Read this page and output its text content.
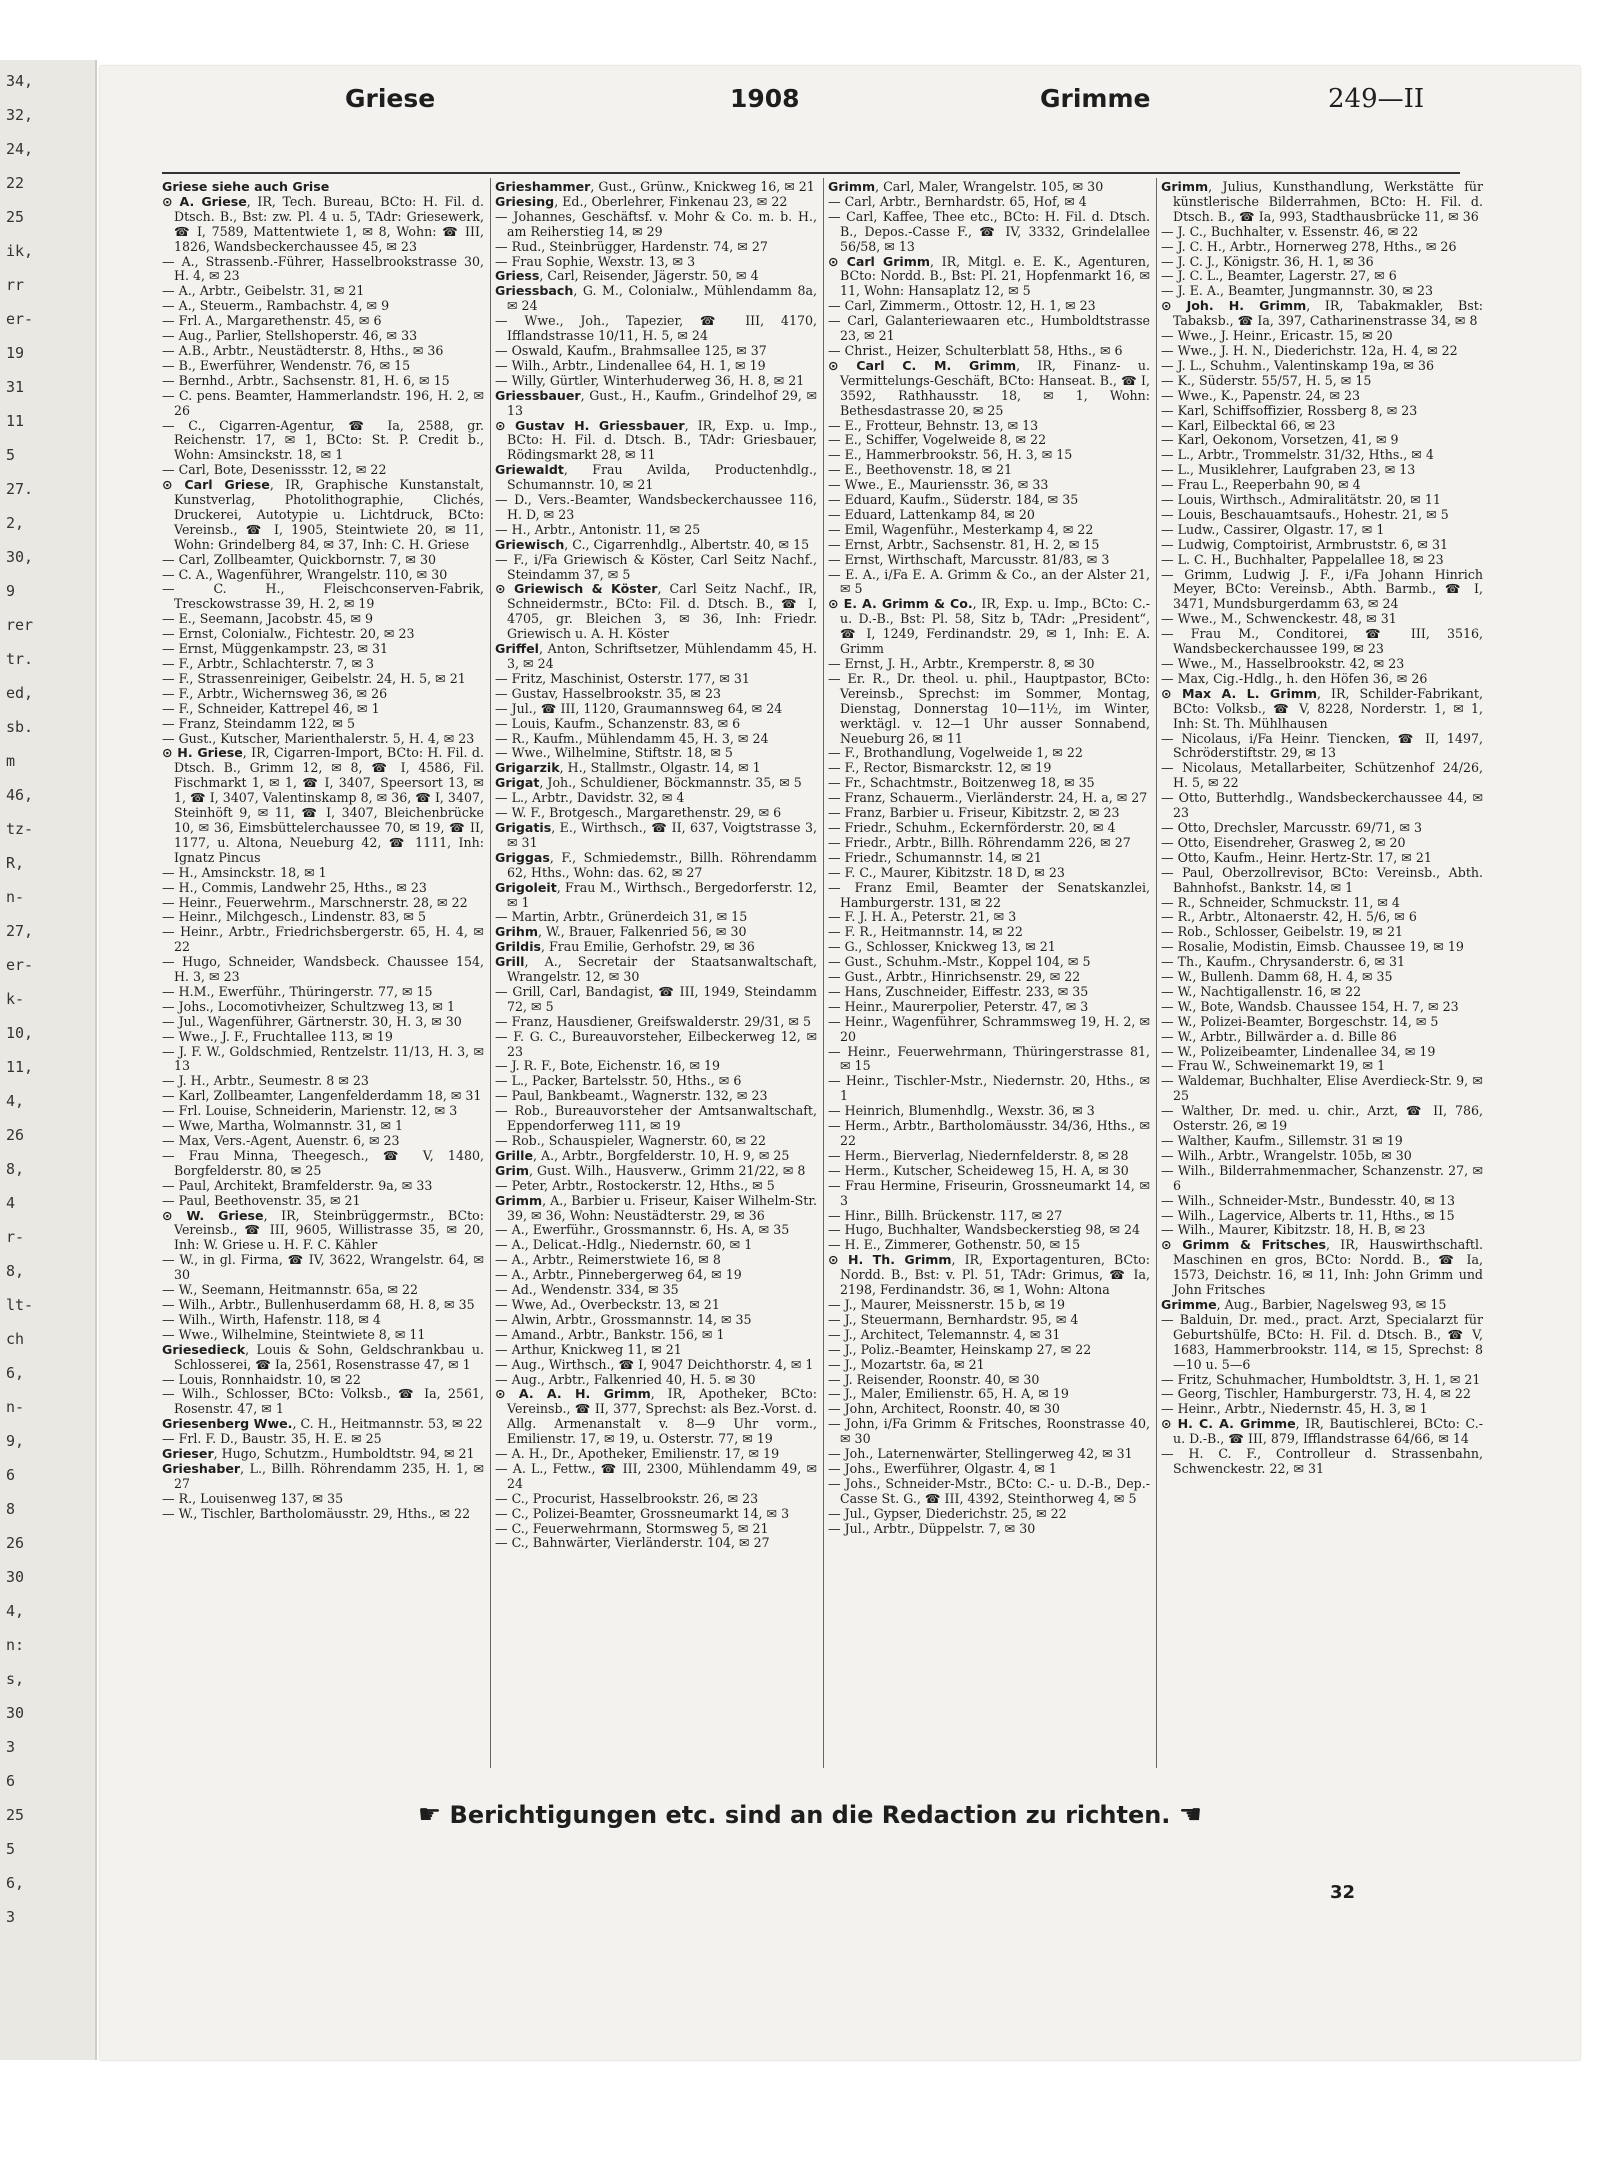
34,
32,
24,
22
25
ik,
rr
er-
19
31
11
5
27.
2,
30,
9
rer
tr.
ed,
sb.
m
46,
tz-
R,
n-
27,
er-
k-
10,
11,
4,
26
8,
4
r-
8,
lt-
ch
6,
n-
9,
6
8
26
30
4,
n:
s,
30
3
6
25
5
6,
3
Griese	1908	Grimme	249—II

Griese siehe auch Grise

⊙ A. Griese, IR, Tech. Bureau, BCto: H. Fil. d. Dtsch. B., Bst: zw. Pl. 4 u. 5, TAdr: Griesewerk, ☎ I, 7589, Mattentwiete 1, ✉ 8, Wohn: ☎ III, 1826, Wandsbeckerchaussee 45, ✉ 23

— A., Strassenb.-Führer, Hasselbrookstrasse 30, H. 4, ✉ 23

— A., Arbtr., Geibelstr. 31, ✉ 21

— A., Steuerm., Rambachstr. 4, ✉ 9

— Frl. A., Margarethenstr. 45, ✉ 6

— Aug., Parlier, Stellshoperstr. 46, ✉ 33

— A.B., Arbtr., Neustädterstr. 8, Hths., ✉ 36

— B., Ewerführer, Wendenstr. 76, ✉ 15

— Bernhd., Arbtr., Sachsenstr. 81, H. 6, ✉ 15

— C. pens. Beamter, Hammerlandstr. 196, H. 2, ✉ 26

— C., Cigarren-Agentur, ☎ Ia, 2588, gr. Reichenstr. 17, ✉ 1, BCto: St. P. Credit b., Wohn: Amsinckstr. 18, ✉ 1

— Carl, Bote, Desenissstr. 12, ✉ 22

⊙ Carl Griese, IR, Graphische Kunstanstalt, Kunstverlag, Photolithographie, Clichés, Druckerei, Autotypie u. Lichtdruck, BCto: Vereinsb., ☎ I, 1905, Steintwiete 20, ✉ 11, Wohn: Grindelberg 84, ✉ 37, Inh: C. H. Griese

— Carl, Zollbeamter, Quickbornstr. 7, ✉ 30

— C. A., Wagenführer, Wrangelstr. 110, ✉ 30

— C. H., Fleischconserven-Fabrik, Tresckowstrasse 39, H. 2, ✉ 19

— E., Seemann, Jacobstr. 45, ✉ 9

— Ernst, Colonialw., Fichtestr. 20, ✉ 23

— Ernst, Müggenkampstr. 23, ✉ 31

— F., Arbtr., Schlachterstr. 7, ✉ 3

— F., Strassenreiniger, Geibelstr. 24, H. 5, ✉ 21

— F., Arbtr., Wichernsweg 36, ✉ 26

— F., Schneider, Kattrepel 46, ✉ 1

— Franz, Steindamm 122, ✉ 5

— Gust., Kutscher, Marienthalerstr. 5, H. 4, ✉ 23

⊙ H. Griese, IR, Cigarren-Import, BCto: H. Fil. d. Dtsch. B., Grimm 12, ✉ 8, ☎ I, 4586, Fil. Fischmarkt 1, ✉ 1, ☎ I, 3407, Speersort 13, ✉ 1, ☎ I, 3407, Valentinskamp 8, ✉ 36, ☎ I, 3407, Steinhöft 9, ✉ 11, ☎ I, 3407, Bleichenbrücke 10, ✉ 36, Eimsbüttelerchaussee 70, ✉ 19, ☎ II, 1177, u. Altona, Neueburg 42, ☎ 1111, Inh: Ignatz Pincus

— H., Amsinckstr. 18, ✉ 1

— H., Commis, Landwehr 25, Hths., ✉ 23

— Heinr., Feuerwehrm., Marschnerstr. 28, ✉ 22

— Heinr., Milchgesch., Lindenstr. 83, ✉ 5

— Heinr., Arbtr., Friedrichsbergerstr. 65, H. 4, ✉ 22

— Hugo, Schneider, Wandsbeck. Chaussee 154, H. 3, ✉ 23

— H.M., Ewerführ., Thüringerstr. 77, ✉ 15

— Johs., Locomotivheizer, Schultzweg 13, ✉ 1

— Jul., Wagenführer, Gärtnerstr. 30, H. 3, ✉ 30

— Wwe., J. F., Fruchtallee 113, ✉ 19

— J. F. W., Goldschmied, Rentzelstr. 11/13, H. 3, ✉ 13

— J. H., Arbtr., Seumestr. 8 ✉ 23

— Karl, Zollbeamter, Langenfelderdamm 18, ✉ 31

— Frl. Louise, Schneiderin, Marienstr. 12, ✉ 3

— Wwe, Martha, Wolmannstr. 31, ✉ 1

— Max, Vers.-Agent, Auenstr. 6, ✉ 23

— Frau Minna, Theegesch., ☎ V, 1480, Borgfelderstr. 80, ✉ 25

— Paul, Architekt, Bramfelderstr. 9a, ✉ 33

— Paul, Beethovenstr. 35, ✉ 21

⊙ W. Griese, IR, Steinbrüggermstr., BCto: Vereinsb., ☎ III, 9605, Willistrasse 35, ✉ 20, Inh: W. Griese u. H. F. C. Kähler

— W., in gl. Firma, ☎ IV, 3622, Wrangelstr. 64, ✉ 30

— W., Seemann, Heitmannstr. 65a, ✉ 22

— Wilh., Arbtr., Bullenhuserdamm 68, H. 8, ✉ 35

— Wilh., Wirth, Hafenstr. 118, ✉ 4

— Wwe., Wilhelmine, Steintwiete 8, ✉ 11

Griesedieck, Louis & Sohn, Geldschrankbau u. Schlosserei, ☎ Ia, 2561, Rosenstrasse 47, ✉ 1

— Louis, Ronnhaidstr. 10, ✉ 22

— Wilh., Schlosser, BCto: Volksb., ☎ Ia, 2561, Rosenstr. 47, ✉ 1

Griesenberg Wwe., C. H., Heitmannstr. 53, ✉ 22

— Frl. F. D., Baustr. 35, H. E. ✉ 25

Grieser, Hugo, Schutzm., Humboldtstr. 94, ✉ 21

Grieshaber, L., Billh. Röhrendamm 235, H. 1, ✉ 27

— R., Louisenweg 137, ✉ 35

— W., Tischler, Bartholomäusstr. 29, Hths., ✉ 22

Grieshammer, Gust., Grünw., Knickweg 16, ✉ 21

Griesing, Ed., Oberlehrer, Finkenau 23, ✉ 22

— Johannes, Geschäftsf. v. Mohr & Co. m. b. H., am Reiherstieg 14, ✉ 29

— Rud., Steinbrügger, Hardenstr. 74, ✉ 27

— Frau Sophie, Wexstr. 13, ✉ 3

Griess, Carl, Reisender, Jägerstr. 50, ✉ 4

Griessbach, G. M., Colonialw., Mühlendamm 8a, ✉ 24

— Wwe., Joh., Tapezier, ☎ III, 4170, Ifflandstrasse 10/11, H. 5, ✉ 24

— Oswald, Kaufm., Brahmsallee 125, ✉ 37

— Wilh., Arbtr., Lindenallee 64, H. 1, ✉ 19

— Willy, Gürtler, Winterhuderweg 36, H. 8, ✉ 21

Griessbauer, Gust., H., Kaufm., Grindelhof 29, ✉ 13

⊙ Gustav H. Griessbauer, IR, Exp. u. Imp., BCto: H. Fil. d. Dtsch. B., TAdr: Griesbauer, Rödingsmarkt 28, ✉ 11

Griewaldt, Frau Avilda, Productenhdlg., Schumannstr. 10, ✉ 21

— D., Vers.-Beamter, Wandsbeckerchaussee 116, H. D, ✉ 23

— H., Arbtr., Antonistr. 11, ✉ 25

Griewisch, C., Cigarrenhdlg., Albertstr. 40, ✉ 15

— F., i/Fa Griewisch & Köster, Carl Seitz Nachf., Steindamm 37, ✉ 5

⊙ Griewisch & Köster, Carl Seitz Nachf., IR, Schneidermstr., BCto: Fil. d. Dtsch. B., ☎ I, 4705, gr. Bleichen 3, ✉ 36, Inh: Friedr. Griewisch u. A. H. Köster

Griffel, Anton, Schriftsetzer, Mühlendamm 45, H. 3, ✉ 24

— Fritz, Maschinist, Osterstr. 177, ✉ 31

— Gustav, Hasselbrookstr. 35, ✉ 23

— Jul., ☎ III, 1120, Graumannsweg 64, ✉ 24

— Louis, Kaufm., Schanzenstr. 83, ✉ 6

— R., Kaufm., Mühlendamm 45, H. 3, ✉ 24

— Wwe., Wilhelmine, Stiftstr. 18, ✉ 5

Grigarzik, H., Stallmstr., Olgastr. 14, ✉ 1

Grigat, Joh., Schuldiener, Böckmannstr. 35, ✉ 5

— L., Arbtr., Davidstr. 32, ✉ 4

— W. F., Brotgesch., Margarethenstr. 29, ✉ 6

Grigatis, E., Wirthsch., ☎ II, 637, Voigtstrasse 3, ✉ 31

Griggas, F., Schmiedemstr., Billh. Röhrendamm 62, Hths., Wohn: das. 62, ✉ 27

Grigoleit, Frau M., Wirthsch., Bergedorferstr. 12, ✉ 1

— Martin, Arbtr., Grünerdeich 31, ✉ 15

Grihm, W., Brauer, Falkenried 56, ✉ 30

Grildis, Frau Emilie, Gerhofstr. 29, ✉ 36

Grill, A., Secretair der Staatsanwaltschaft, Wrangelstr. 12, ✉ 30

— Grill, Carl, Bandagist, ☎ III, 1949, Steindamm 72, ✉ 5

— Franz, Hausdiener, Greifswalderstr. 29/31, ✉ 5

— F. G. C., Bureauvorsteher, Eilbeckerweg 12, ✉ 23

— J. R. F., Bote, Eichenstr. 16, ✉ 19

— L., Packer, Bartelsstr. 50, Hths., ✉ 6

— Paul, Bankbeamt., Wagnerstr. 132, ✉ 23

— Rob., Bureauvorsteher der Amtsanwaltschaft, Eppendorferweg 111, ✉ 19

— Rob., Schauspieler, Wagnerstr. 60, ✉ 22

Grille, A., Arbtr., Borgfelderstr. 10, H. 9, ✉ 25

Grim, Gust. Wilh., Hausverw., Grimm 21/22, ✉ 8

— Peter, Arbtr., Rostockerstr. 12, Hths., ✉ 5

Grimm, A., Barbier u. Friseur, Kaiser Wilhelm-Str. 39, ✉ 36, Wohn: Neustädterstr. 29, ✉ 36

— A., Ewerführ., Grossmannstr. 6, Hs. A, ✉ 35

— A., Delicat.-Hdlg., Niedernstr. 60, ✉ 1

— A., Arbtr., Reimerstwiete 16, ✉ 8

— A., Arbtr., Pinnebergerweg 64, ✉ 19

— Ad., Wendenstr. 334, ✉ 35

— Wwe, Ad., Overbeckstr. 13, ✉ 21

— Alwin, Arbtr., Grossmannstr. 14, ✉ 35

— Amand., Arbtr., Bankstr. 156, ✉ 1

— Arthur, Knickweg 11, ✉ 21

— Aug., Wirthsch., ☎ I, 9047 Deichthorstr. 4, ✉ 1

— Aug., Arbtr., Falkenried 40, H. 5. ✉ 30

⊙ A. A. H. Grimm, IR, Apotheker, BCto: Vereinsb., ☎ II, 377, Sprechst: als Bez.-Vorst. d. Allg. Armenanstalt v. 8—9 Uhr vorm., Emilienstr. 17, ✉ 19, u. Osterstr. 77, ✉ 19

— A. H., Dr., Apotheker, Emilienstr. 17, ✉ 19

— A. L., Fettw., ☎ III, 2300, Mühlendamm 49, ✉ 24

— C., Procurist, Hasselbrookstr. 26, ✉ 23

— C., Polizei-Beamter, Grossneumarkt 14, ✉ 3

— C., Feuerwehrmann, Stormsweg 5, ✉ 21

— C., Bahnwärter, Vierländerstr. 104, ✉ 27

Grimm, Carl, Maler, Wrangelstr. 105, ✉ 30

— Carl, Arbtr., Bernhardstr. 65, Hof, ✉ 4

— Carl, Kaffee, Thee etc., BCto: H. Fil. d. Dtsch. B., Depos.-Casse F., ☎ IV, 3332, Grindelallee 56/58, ✉ 13

⊙ Carl Grimm, IR, Mitgl. e. E. K., Agenturen, BCto: Nordd. B., Bst: Pl. 21, Hopfenmarkt 16, ✉ 11, Wohn: Hansaplatz 12, ✉ 5

— Carl, Zimmerm., Ottostr. 12, H. 1, ✉ 23

— Carl, Galanteriewaaren etc., Humboldtstrasse 23, ✉ 21

— Christ., Heizer, Schulterblatt 58, Hths., ✉ 6

⊙ Carl C. M. Grimm, IR, Finanz- u. Vermittelungs-Geschäft, BCto: Hanseat. B., ☎ I, 3592, Rathhausstr. 18, ✉ 1, Wohn: Bethesdastrasse 20, ✉ 25

— E., Frotteur, Behnstr. 13, ✉ 13

— E., Schiffer, Vogelweide 8, ✉ 22

— E., Hammerbrookstr. 56, H. 3, ✉ 15

— E., Beethovenstr. 18, ✉ 21

— Wwe., E., Mauriensstr. 36, ✉ 33

— Eduard, Kaufm., Süderstr. 184, ✉ 35

— Eduard, Lattenkamp 84, ✉ 20

— Emil, Wagenführ., Mesterkamp 4, ✉ 22

— Ernst, Arbtr., Sachsenstr. 81, H. 2, ✉ 15

— Ernst, Wirthschaft, Marcusstr. 81/83, ✉ 3

— E. A., i/Fa E. A. Grimm & Co., an der Alster 21, ✉ 5

⊙ E. A. Grimm & Co., IR, Exp. u. Imp., BCto: C.- u. D.-B., Bst: Pl. 58, Sitz b, TAdr: „President“, ☎ I, 1249, Ferdinandstr. 29, ✉ 1, Inh: E. A. Grimm

— Ernst, J. H., Arbtr., Kremperstr. 8, ✉ 30

— Er. R., Dr. theol. u. phil., Hauptpastor, BCto: Vereinsb., Sprechst: im Sommer, Montag, Dienstag, Donnerstag 10—11½, im Winter, werktägl. v. 12—1 Uhr ausser Sonnabend, Neueburg 26, ✉ 11

— F., Brothandlung, Vogelweide 1, ✉ 22

— F., Rector, Bismarckstr. 12, ✉ 19

— Fr., Schachtmstr., Boitzenweg 18, ✉ 35

— Franz, Schauerm., Vierländerstr. 24, H. a, ✉ 27

— Franz, Barbier u. Friseur, Kibitzstr. 2, ✉ 23

— Friedr., Schuhm., Eckernförderstr. 20, ✉ 4

— Friedr., Arbtr., Billh. Röhrendamm 226, ✉ 27

— Friedr., Schumannstr. 14, ✉ 21

— F. C., Maurer, Kibitzstr. 18 D, ✉ 23

— Franz Emil, Beamter der Senatskanzlei, Hamburgerstr. 131, ✉ 22

— F. J. H. A., Peterstr. 21, ✉ 3

— F. R., Heitmannstr. 14, ✉ 22

— G., Schlosser, Knickweg 13, ✉ 21

— Gust., Schuhm.-Mstr., Koppel 104, ✉ 5

— Gust., Arbtr., Hinrichsenstr. 29, ✉ 22

— Hans, Zuschneider, Eiffestr. 233, ✉ 35

— Heinr., Maurerpolier, Peterstr. 47, ✉ 3

— Heinr., Wagenführer, Schrammsweg 19, H. 2, ✉ 20

— Heinr., Feuerwehrmann, Thüringerstrasse 81, ✉ 15

— Heinr., Tischler-Mstr., Niedernstr. 20, Hths., ✉ 1

— Heinrich, Blumenhdlg., Wexstr. 36, ✉ 3

— Herm., Arbtr., Bartholomäusstr. 34/36, Hths., ✉ 22

— Herm., Bierverlag, Niedernfelderstr. 8, ✉ 28

— Herm., Kutscher, Scheideweg 15, H. A, ✉ 30

— Frau Hermine, Friseurin, Grossneumarkt 14, ✉ 3

— Hinr., Billh. Brückenstr. 117, ✉ 27

— Hugo, Buchhalter, Wandsbeckerstieg 98, ✉ 24

— H. E., Zimmerer, Gothenstr. 50, ✉ 15

⊙ H. Th. Grimm, IR, Exportagenturen, BCto: Nordd. B., Bst: v. Pl. 51, TAdr: Grimus, ☎ Ia, 2198, Ferdinandstr. 36, ✉ 1, Wohn: Altona

— J., Maurer, Meissnerstr. 15 b, ✉ 19

— J., Steuermann, Bernhardstr. 95, ✉ 4

— J., Architect, Telemannstr. 4, ✉ 31

— J., Poliz.-Beamter, Heinskamp 27, ✉ 22

— J., Mozartstr. 6a, ✉ 21

— J. Reisender, Roonstr. 40, ✉ 30

— J., Maler, Emilienstr. 65, H. A, ✉ 19

— John, Architect, Roonstr. 40, ✉ 30

— John, i/Fa Grimm & Fritsches, Roonstrasse 40, ✉ 30

— Joh., Laternenwärter, Stellingerweg 42, ✉ 31

— Johs., Ewerführer, Olgastr. 4, ✉ 1

— Johs., Schneider-Mstr., BCto: C.- u. D.-B., Dep.-Casse St. G., ☎ III, 4392, Steinthorweg 4, ✉ 5

— Jul., Gypser, Diederichstr. 25, ✉ 22

— Jul., Arbtr., Düppelstr. 7, ✉ 30

Grimm, Julius, Kunsthandlung, Werkstätte für künstlerische Bilderrahmen, BCto: H. Fil. d. Dtsch. B., ☎ Ia, 993, Stadthausbrücke 11, ✉ 36

— J. C., Buchhalter, v. Essenstr. 46, ✉ 22

— J. C. H., Arbtr., Hornerweg 278, Hths., ✉ 26

— J. C. J., Königstr. 36, H. 1, ✉ 36

— J. C. L., Beamter, Lagerstr. 27, ✉ 6

— J. E. A., Beamter, Jungmannstr. 30, ✉ 23

⊙ Joh. H. Grimm, IR, Tabakmakler, Bst: Tabaksb., ☎ Ia, 397, Catharinenstrasse 34, ✉ 8

— Wwe., J. Heinr., Ericastr. 15, ✉ 20

— Wwe., J. H. N., Diederichstr. 12a, H. 4, ✉ 22

— J. L., Schuhm., Valentinskamp 19a, ✉ 36

— K., Süderstr. 55/57, H. 5, ✉ 15

— Wwe., K., Papenstr. 24, ✉ 23

— Karl, Schiffsoffizier, Rossberg 8, ✉ 23

— Karl, Eilbecktal 66, ✉ 23

— Karl, Oekonom, Vorsetzen, 41, ✉ 9

— L., Arbtr., Trommelstr. 31/32, Hths., ✉ 4

— L., Musiklehrer, Laufgraben 23, ✉ 13

— Frau L., Reeperbahn 90, ✉ 4

— Louis, Wirthsch., Admiralitätstr. 20, ✉ 11

— Louis, Beschauamtsaufs., Hohestr. 21, ✉ 5

— Ludw., Cassirer, Olgastr. 17, ✉ 1

— Ludwig, Comptoirist, Armbruststr. 6, ✉ 31

— L. C. H., Buchhalter, Pappelallee 18, ✉ 23

— Grimm, Ludwig J. F., i/Fa Johann Hinrich Meyer, BCto: Vereinsb., Abth. Barmb., ☎ I, 3471, Mundsburgerdamm 63, ✉ 24

— Wwe., M., Schwenckestr. 48, ✉ 31

— Frau M., Conditorei, ☎ III, 3516, Wandsbeckerchaussee 199, ✉ 23

— Wwe., M., Hasselbrookstr. 42, ✉ 23

— Max, Cig.-Hdlg., h. den Höfen 36, ✉ 26

⊙ Max A. L. Grimm, IR, Schilder-Fabrikant, BCto: Volksb., ☎ V, 8228, Norderstr. 1, ✉ 1, Inh: St. Th. Mühlhausen

— Nicolaus, i/Fa Heinr. Tiencken, ☎ II, 1497, Schröderstiftstr. 29, ✉ 13

— Nicolaus, Metallarbeiter, Schützenhof 24/26, H. 5, ✉ 22

— Otto, Butterhdlg., Wandsbeckerchaussee 44, ✉ 23

— Otto, Drechsler, Marcusstr. 69/71, ✉ 3

— Otto, Eisendreher, Grasweg 2, ✉ 20

— Otto, Kaufm., Heinr. Hertz-Str. 17, ✉ 21

— Paul, Oberzollrevisor, BCto: Vereinsb., Abth. Bahnhofst., Bankstr. 14, ✉ 1

— R., Schneider, Schmuckstr. 11, ✉ 4

— R., Arbtr., Altonaerstr. 42, H. 5/6, ✉ 6

— Rob., Schlosser, Geibelstr. 19, ✉ 21

— Rosalie, Modistin, Eimsb. Chaussee 19, ✉ 19

— Th., Kaufm., Chrysanderstr. 6, ✉ 31

— W., Bullenh. Damm 68, H. 4, ✉ 35

— W., Nachtigallenstr. 16, ✉ 22

— W., Bote, Wandsb. Chaussee 154, H. 7, ✉ 23

— W., Polizei-Beamter, Borgeschstr. 14, ✉ 5

— W., Arbtr., Billwärder a. d. Bille 86

— W., Polizeibeamter, Lindenallee 34, ✉ 19

— Frau W., Schweinemarkt 19, ✉ 1

— Waldemar, Buchhalter, Elise Averdieck-Str. 9, ✉ 25

— Walther, Dr. med. u. chir., Arzt, ☎ II, 786, Osterstr. 26, ✉ 19

— Walther, Kaufm., Sillemstr. 31 ✉ 19

— Wilh., Arbtr., Wrangelstr. 105b, ✉ 30

— Wilh., Bilderrahmenmacher, Schanzenstr. 27, ✉ 6

— Wilh., Schneider-Mstr., Bundesstr. 40, ✉ 13

— Wilh., Lagervice, Alberts tr. 11, Hths., ✉ 15

— Wilh., Maurer, Kibitzstr. 18, H. B, ✉ 23

⊙ Grimm & Fritsches, IR, Hauswirthschaftl. Maschinen en gros, BCto: Nordd. B., ☎ Ia, 1573, Deichstr. 16, ✉ 11, Inh: John Grimm und John Fritsches

Grimme, Aug., Barbier, Nagelsweg 93, ✉ 15

— Balduin, Dr. med., pract. Arzt, Specialarzt für Geburtshülfe, BCto: H. Fil. d. Dtsch. B., ☎ V, 1683, Hammerbrookstr. 114, ✉ 15, Sprechst: 8—10 u. 5—6

— Fritz, Schuhmacher, Humboldtstr. 3, H. 1, ✉ 21

— Georg, Tischler, Hamburgerstr. 73, H. 4, ✉ 22

— Heinr., Arbtr., Niedernstr. 45, H. 3, ✉ 1

⊙ H. C. A. Grimme, IR, Bautischlerei, BCto: C.- u. D.-B., ☎ III, 879, Ifflandstrasse 64/66, ✉ 14

— H. C. F., Controlleur d. Strassenbahn, Schwenckestr. 22, ✉ 31

☛ Berichtigungen etc. sind an die Redaction zu richten. ☚
32
